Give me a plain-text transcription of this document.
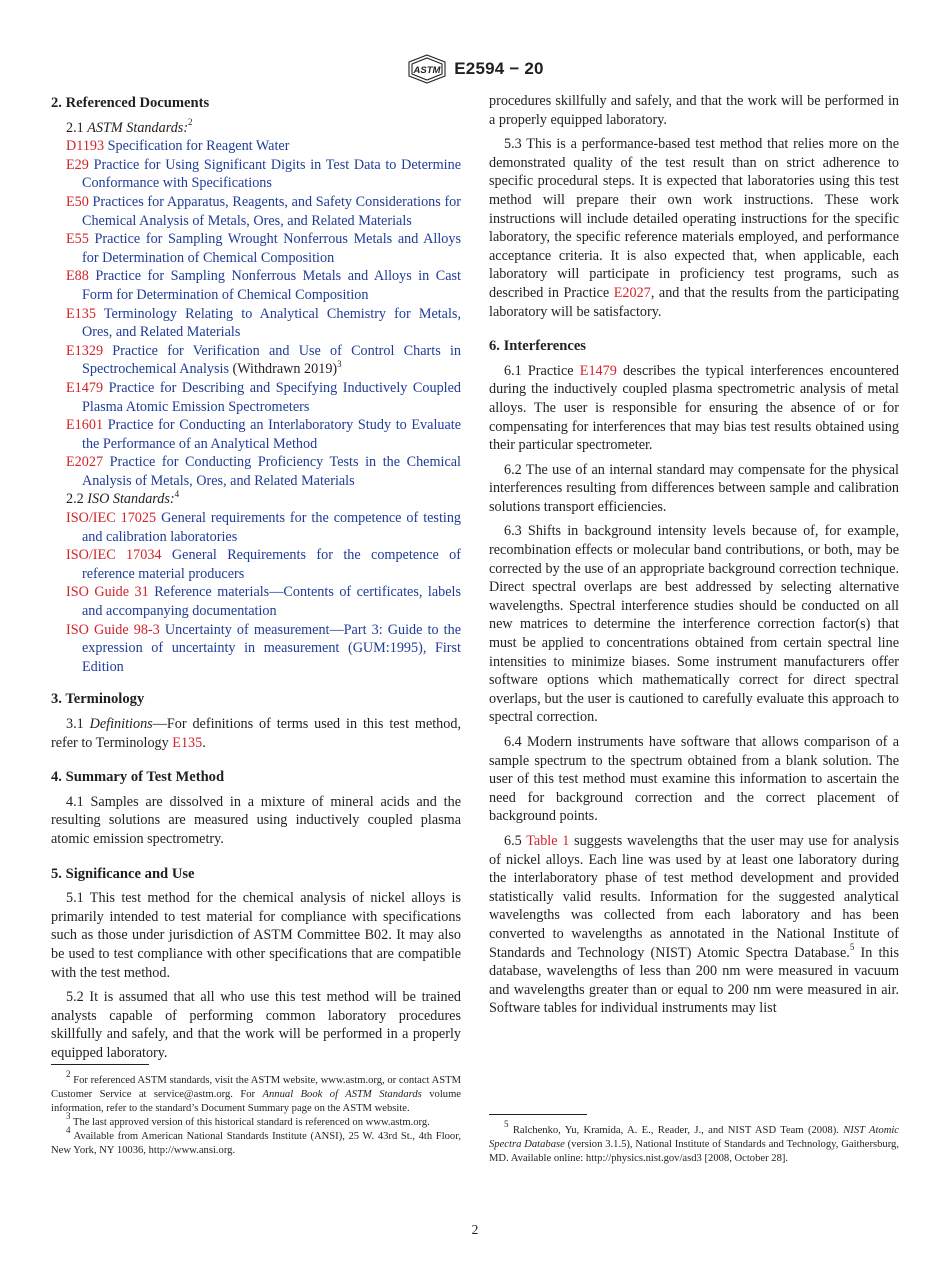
ASTM E2594 − 20
2. Referenced Documents
2.1 ASTM Standards:$^2$
D1193 Specification for Reagent Water
E29 Practice for Using Significant Digits in Test Data to Determine Conformance with Specifications
E50 Practices for Apparatus, Reagents, and Safety Considerations for Chemical Analysis of Metals, Ores, and Related Materials
E55 Practice for Sampling Wrought Nonferrous Metals and Alloys for Determination of Chemical Composition
E88 Practice for Sampling Nonferrous Metals and Alloys in Cast Form for Determination of Chemical Composition
E135 Terminology Relating to Analytical Chemistry for Metals, Ores, and Related Materials
E1329 Practice for Verification and Use of Control Charts in Spectrochemical Analysis (Withdrawn 2019)$^3$
E1479 Practice for Describing and Specifying Inductively Coupled Plasma Atomic Emission Spectrometers
E1601 Practice for Conducting an Interlaboratory Study to Evaluate the Performance of an Analytical Method
E2027 Practice for Conducting Proficiency Tests in the Chemical Analysis of Metals, Ores, and Related Materials
2.2 ISO Standards:$^4$
ISO/IEC 17025 General requirements for the competence of testing and calibration laboratories
ISO/IEC 17034 General Requirements for the competence of reference material producers
ISO Guide 31 Reference materials—Contents of certificates, labels and accompanying documentation
ISO Guide 98-3 Uncertainty of measurement—Part 3: Guide to the expression of uncertainty in measurement (GUM:1995), First Edition
3. Terminology

3.1 Definitions—For definitions of terms used in this test method, refer to Terminology E135.

4. Summary of Test Method

4.1 Samples are dissolved in a mixture of mineral acids and the resulting solutions are measured using inductively coupled plasma atomic emission spectrometry.

5. Significance and Use

5.1 This test method for the chemical analysis of nickel alloys is primarily intended to test material for compliance with specifications such as those under jurisdiction of ASTM Committee B02. It may also be used to test compliance with other specifications that are compatible with the test method.

5.2 It is assumed that all who use this test method will be trained analysts capable of performing common laboratory procedures skillfully and safely, and that the work will be performed in a properly equipped laboratory.

$^2$ For referenced ASTM standards, visit the ASTM website, www.astm.org, or contact ASTM Customer Service at service@astm.org. For Annual Book of ASTM Standards volume information, refer to the standard’s Document Summary page on the ASTM website.

$^3$ The last approved version of this historical standard is referenced on www.astm.org.

$^4$ Available from American National Standards Institute (ANSI), 25 W. 43rd St., 4th Floor, New York, NY 10036, http://www.ansi.org.

procedures skillfully and safely, and that the work will be performed in a properly equipped laboratory.

5.3 This is a performance-based test method that relies more on the demonstrated quality of the test result than on strict adherence to specific procedural steps. It is expected that laboratories using this test method will prepare their own work instructions. These work instructions will include detailed operating instructions for the specific laboratory, the specific reference materials employed, and performance acceptance criteria. It is also expected that, when applicable, each laboratory will participate in proficiency test programs, such as described in Practice E2027, and that the results from the participating laboratory will be satisfactory.

6. Interferences

6.1 Practice E1479 describes the typical interferences encountered during the inductively coupled plasma spectrometric analysis of metal alloys. The user is responsible for ensuring the absence of or for compensating for interferences that may bias test results obtained using their particular spectrometer.

6.2 The use of an internal standard may compensate for the physical interferences resulting from differences between sample and calibration solutions transport efficiencies.

6.3 Shifts in background intensity levels because of, for example, recombination effects or molecular band contributions, or both, may be corrected by the use of an appropriate background correction technique. Direct spectral overlaps are best addressed by selecting alternative wavelengths. Spectral interference studies should be conducted on all new matrices to determine the interference correction factor(s) that must be applied to concentrations obtained from certain spectral line intensities to minimize biases. Some instrument manufacturers offer software options which mathematically correct for direct spectral overlaps, but the user is cautioned to carefully evaluate this approach to spectral correction.

6.4 Modern instruments have software that allows comparison of a sample spectrum to the spectrum obtained from a blank solution. The user of this test method must examine this information to ascertain the need for background correction and the correct placement of background points.

6.5 Table 1 suggests wavelengths that the user may use for analysis of nickel alloys. Each line was used by at least one laboratory during the interlaboratory phase of test method development and provided statistically valid results. Information for the suggested analytical wavelengths was collected from each laboratory and has been converted to wavelengths as annotated in the National Institute of Standards and Technology (NIST) Atomic Spectra Database.$^5$ In this database, wavelengths of less than 200 nm were measured in vacuum and wavelengths greater than or equal to 200 nm were measured in air. Software tables for individual instruments may list

$^5$ Ralchenko, Yu, Kramida, A. E., Reader, J., and NIST ASD Team (2008). NIST Atomic Spectra Database (version 3.1.5), National Institute of Standards and Technology, Gaithersburg, MD. Available online: http://physics.nist.gov/asd3 [2008, October 28].

2
